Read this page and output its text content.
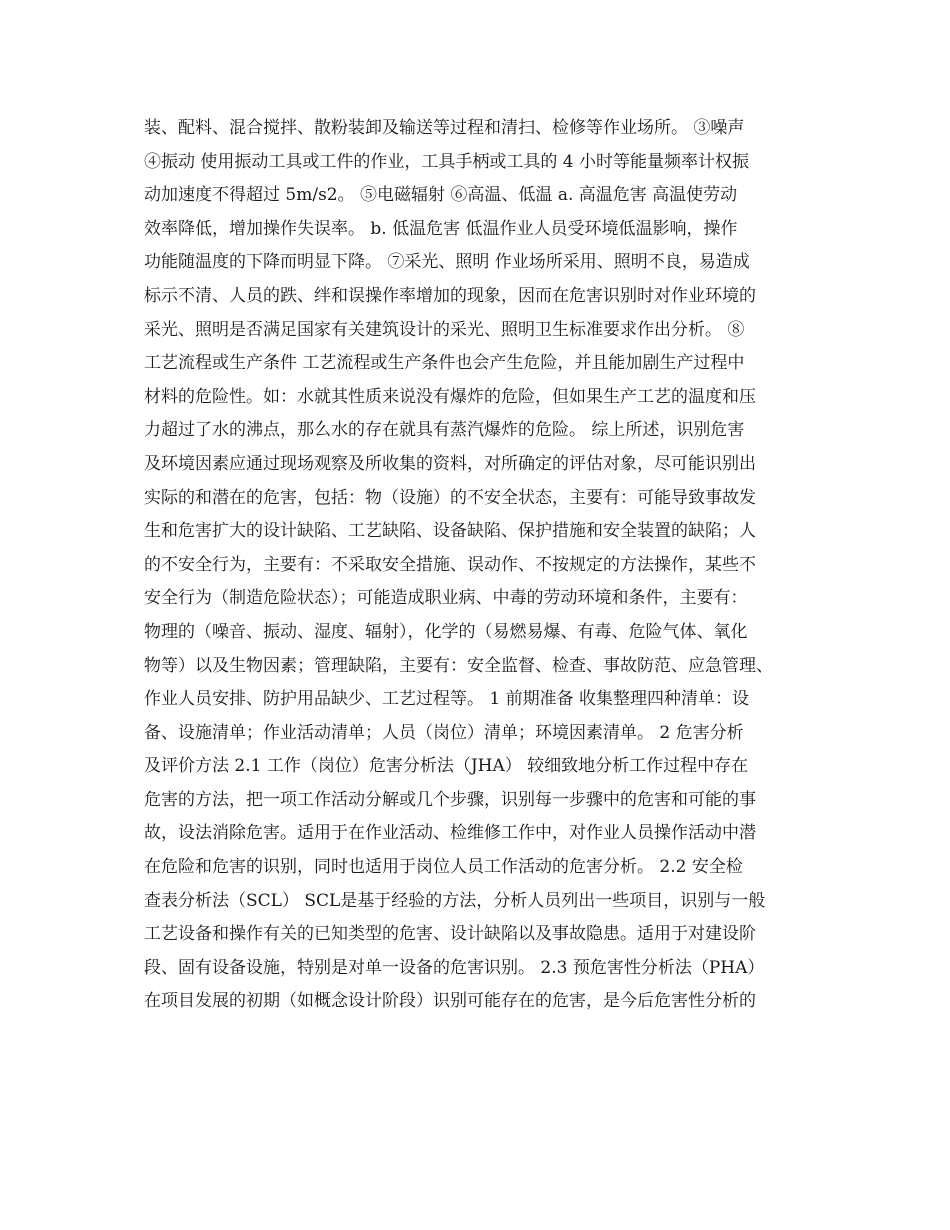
装、配料、混合搅拌、散粉装卸及输送等过程和清扫、检修等作业场所。 ③噪声
④振动 使用振动工具或工件的作业，工具手柄或工具的 4 小时等能量频率计权振
动加速度不得超过 5m/s2。 ⑤电磁辐射 ⑥高温、低温 a. 高温危害 高温使劳动
效率降低，增加操作失误率。 b. 低温危害 低温作业人员受环境低温影响，操作
功能随温度的下降而明显下降。 ⑦采光、照明 作业场所采用、照明不良，易造成
标示不清、人员的跌、绊和误操作率增加的现象，因而在危害识别时对作业环境的
采光、照明是否满足国家有关建筑设计的采光、照明卫生标准要求作出分析。 ⑧
工艺流程或生产条件 工艺流程或生产条件也会产生危险，并且能加剧生产过程中
材料的危险性。如：水就其性质来说没有爆炸的危险，但如果生产工艺的温度和压
力超过了水的沸点，那么水的存在就具有蒸汽爆炸的危险。 综上所述，识别危害
及环境因素应通过现场观察及所收集的资料，对所确定的评估对象，尽可能识别出
实际的和潜在的危害，包括：物（设施）的不安全状态，主要有：可能导致事故发
生和危害扩大的设计缺陷、工艺缺陷、设备缺陷、保护措施和安全装置的缺陷；人
的不安全行为，主要有：不采取安全措施、误动作、不按规定的方法操作，某些不
安全行为（制造危险状态）；可能造成职业病、中毒的劳动环境和条件，主要有：
物理的（噪音、振动、湿度、辐射），化学的（易燃易爆、有毒、危险气体、氧化
物等）以及生物因素；管理缺陷，主要有：安全监督、检查、事故防范、应急管理、
作业人员安排、防护用品缺少、工艺过程等。 1 前期准备 收集整理四种清单：设
备、设施清单；作业活动清单；人员（岗位）清单；环境因素清单。 2 危害分析
及评价方法 2.1 工作（岗位）危害分析法（JHA） 较细致地分析工作过程中存在
危害的方法，把一项工作活动分解或几个步骤，识别每一步骤中的危害和可能的事
故，设法消除危害。适用于在作业活动、检维修工作中，对作业人员操作活动中潜
在危险和危害的识别，同时也适用于岗位人员工作活动的危害分析。 2.2 安全检
查表分析法（SCL） SCL是基于经验的方法，分析人员列出一些项目，识别与一般
工艺设备和操作有关的已知类型的危害、设计缺陷以及事故隐患。适用于对建设阶
段、固有设备设施，特别是对单一设备的危害识别。 2.3 预危害性分析法（PHA）
在项目发展的初期（如概念设计阶段）识别可能存在的危害，是今后危害性分析的
